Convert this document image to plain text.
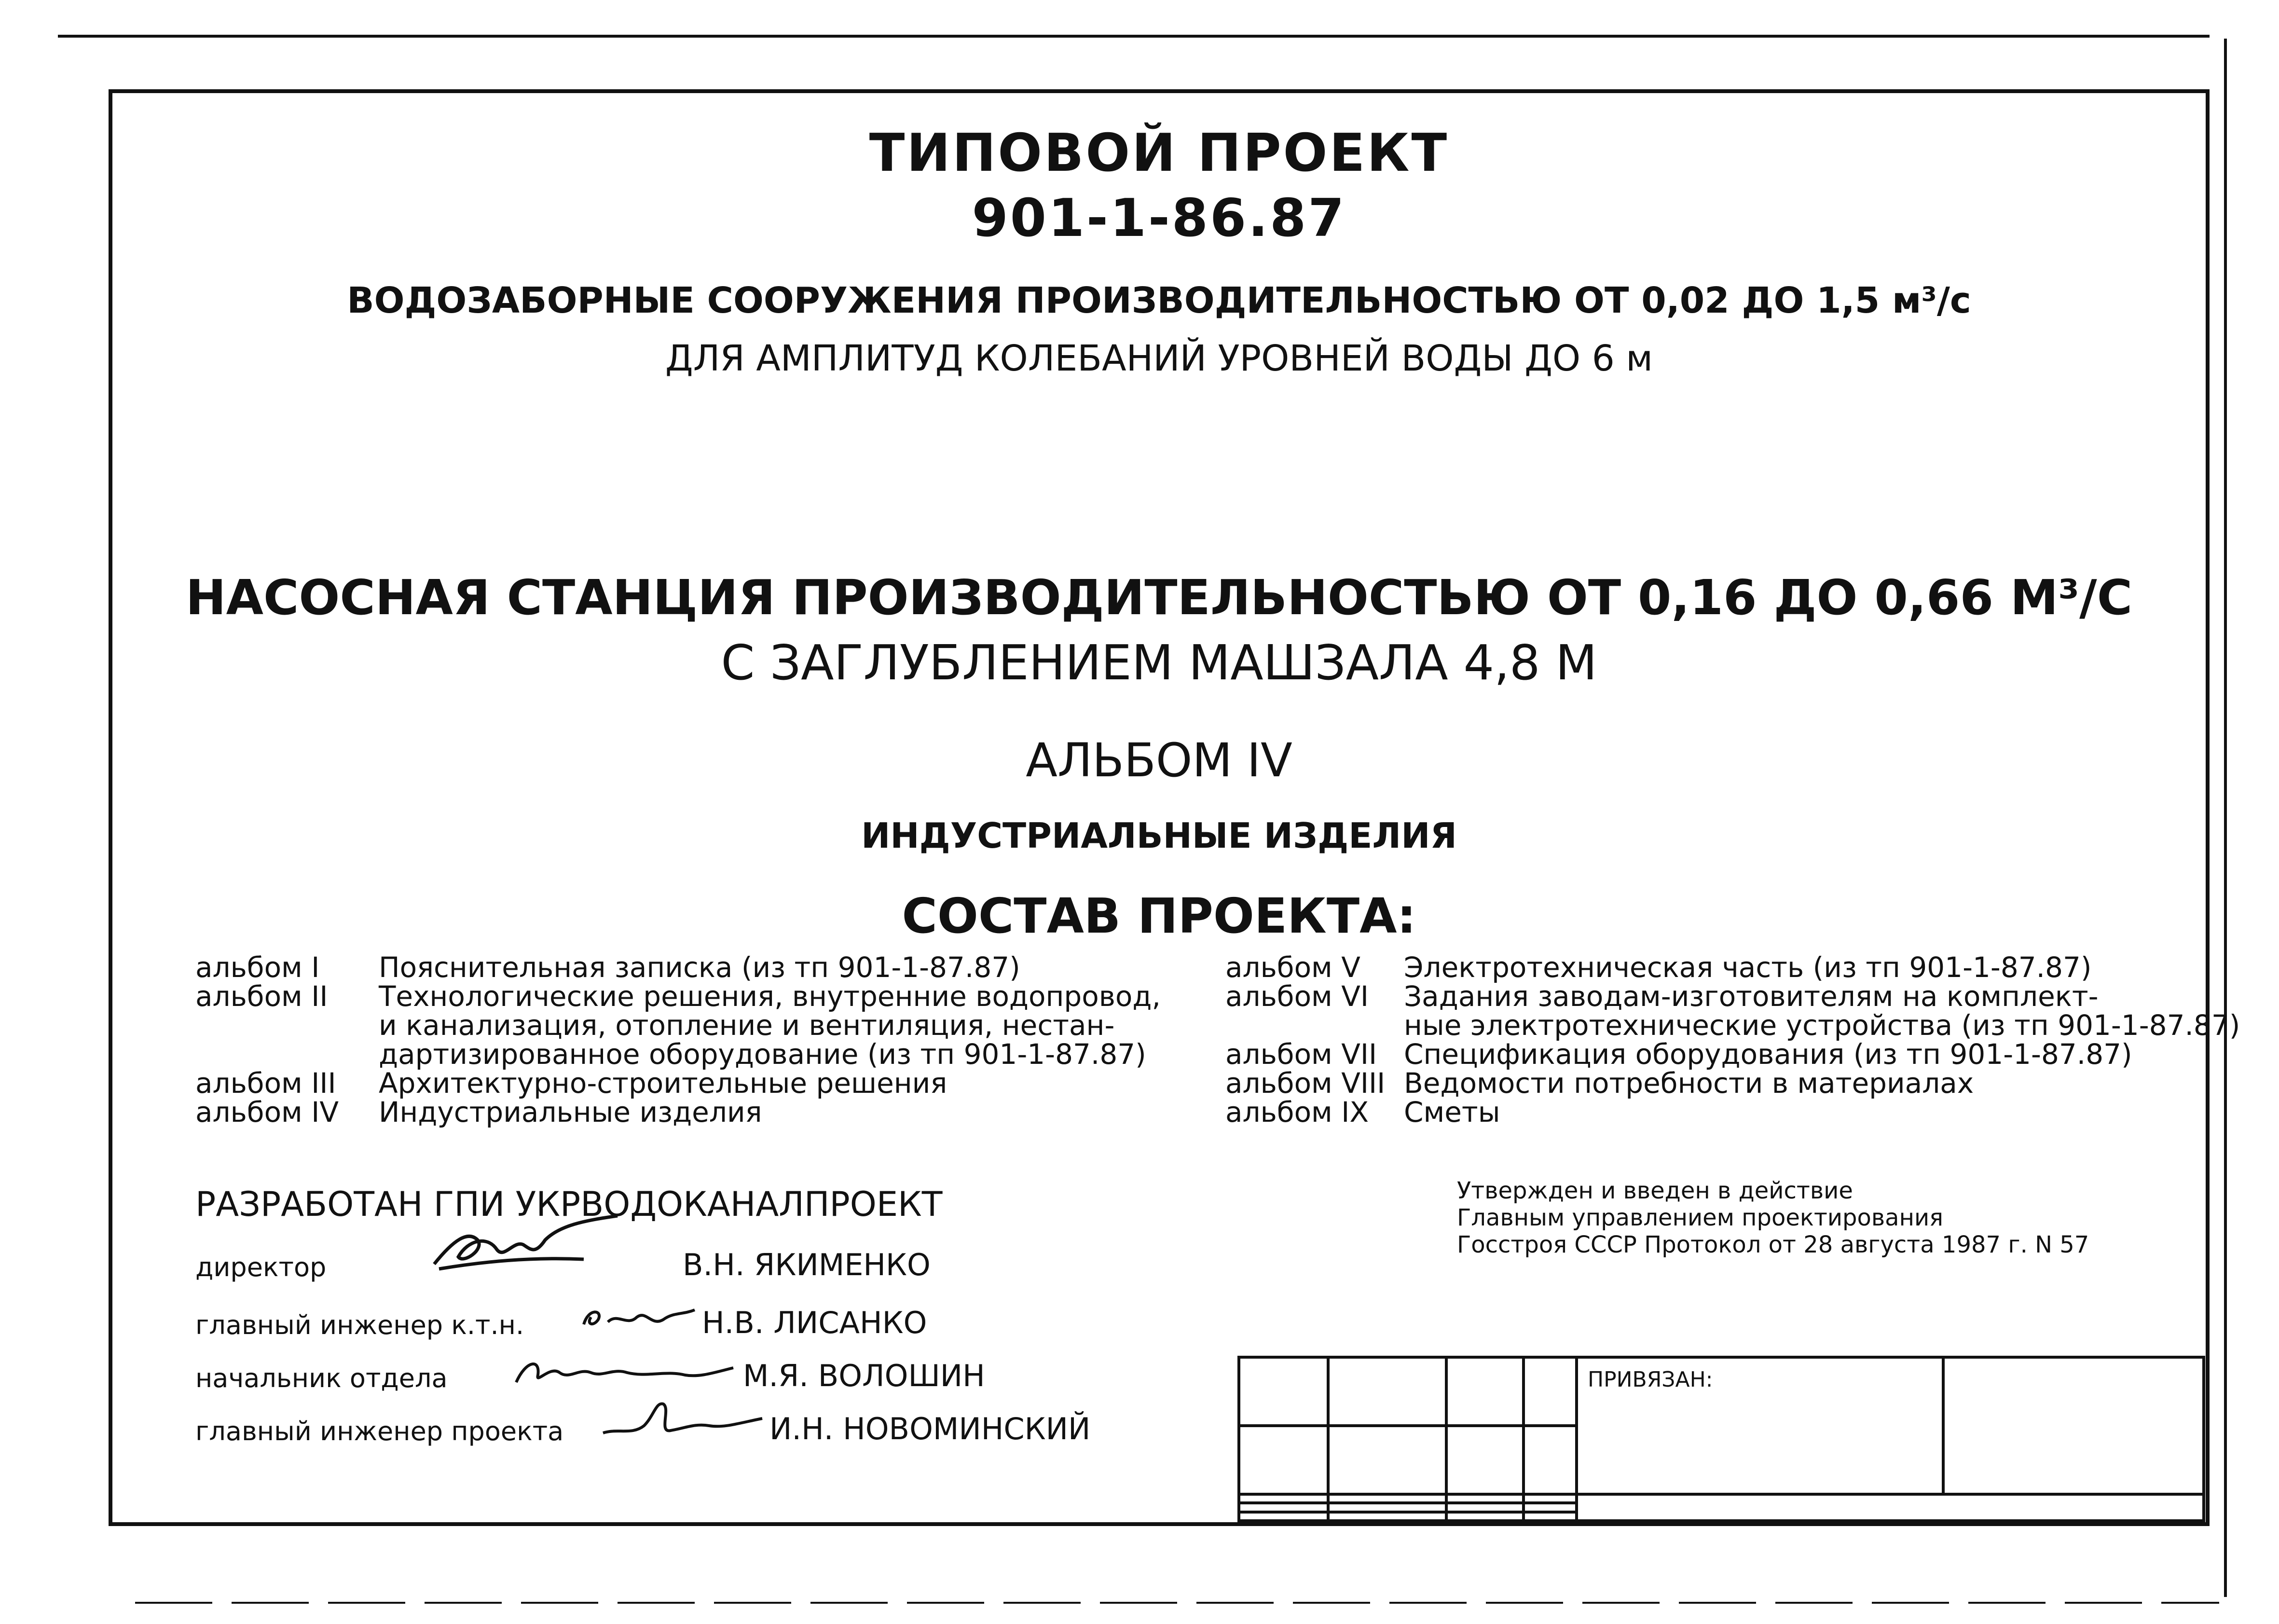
ТИПОВОЙ ПРОЕКТ
901-1-86.87
ВОДОЗАБОРНЫЕ СООРУЖЕНИЯ ПРОИЗВОДИТЕЛЬНОСТЬЮ ОТ 0,02 ДО 1,5 м³/с
ДЛЯ АМПЛИТУД КОЛЕБАНИЙ УРОВНЕЙ ВОДЫ ДО 6 м
НАСОСНАЯ СТАНЦИЯ ПРОИЗВОДИТЕЛЬНОСТЬЮ ОТ 0,16 ДО 0,66 М³/С
С ЗАГЛУБЛЕНИЕМ МАШЗАЛА 4,8 М
АЛЬБОМ IV
ИНДУСТРИАЛЬНЫЕ ИЗДЕЛИЯ
СОСТАВ ПРОЕКТА:
альбом I	Пояснительная записка (из тп 901-1-87.87)
альбом II	Технологические решения, внутренние водопровод,
и канализация, отопление и вентиляция, нестан-
дартизированное оборудование (из тп 901-1-87.87)
альбом III	Архитектурно-строительные решения
альбом IV	Индустриальные изделия
альбом V	Электротехническая часть (из тп 901-1-87.87)
альбом VI	Задания заводам-изготовителям на комплект-
ные электротехнические устройства (из тп 901-1-87.87)
альбом VII Спецификация оборудования (из тп 901-1-87.87)
альбом VIII Ведомости потребности в материалах
альбом IX	Сметы
РАЗРАБОТАН ГПИ УКРВОДОКАНАЛПРОЕКТ
директор	В.Н. ЯКИМЕНКО
главный инженер к.т.н.	Н.В. ЛИСАНКО
начальник отдела	М.Я. ВОЛОШИН
главный инженер проекта	И.Н. НОВОМИНСКИЙ
Утвержден и введен в действие
Главным управлением проектирования
Госстроя СССР Протокол от 28 августа 1987 г. N 57
				ПРИВЯЗАН:	
